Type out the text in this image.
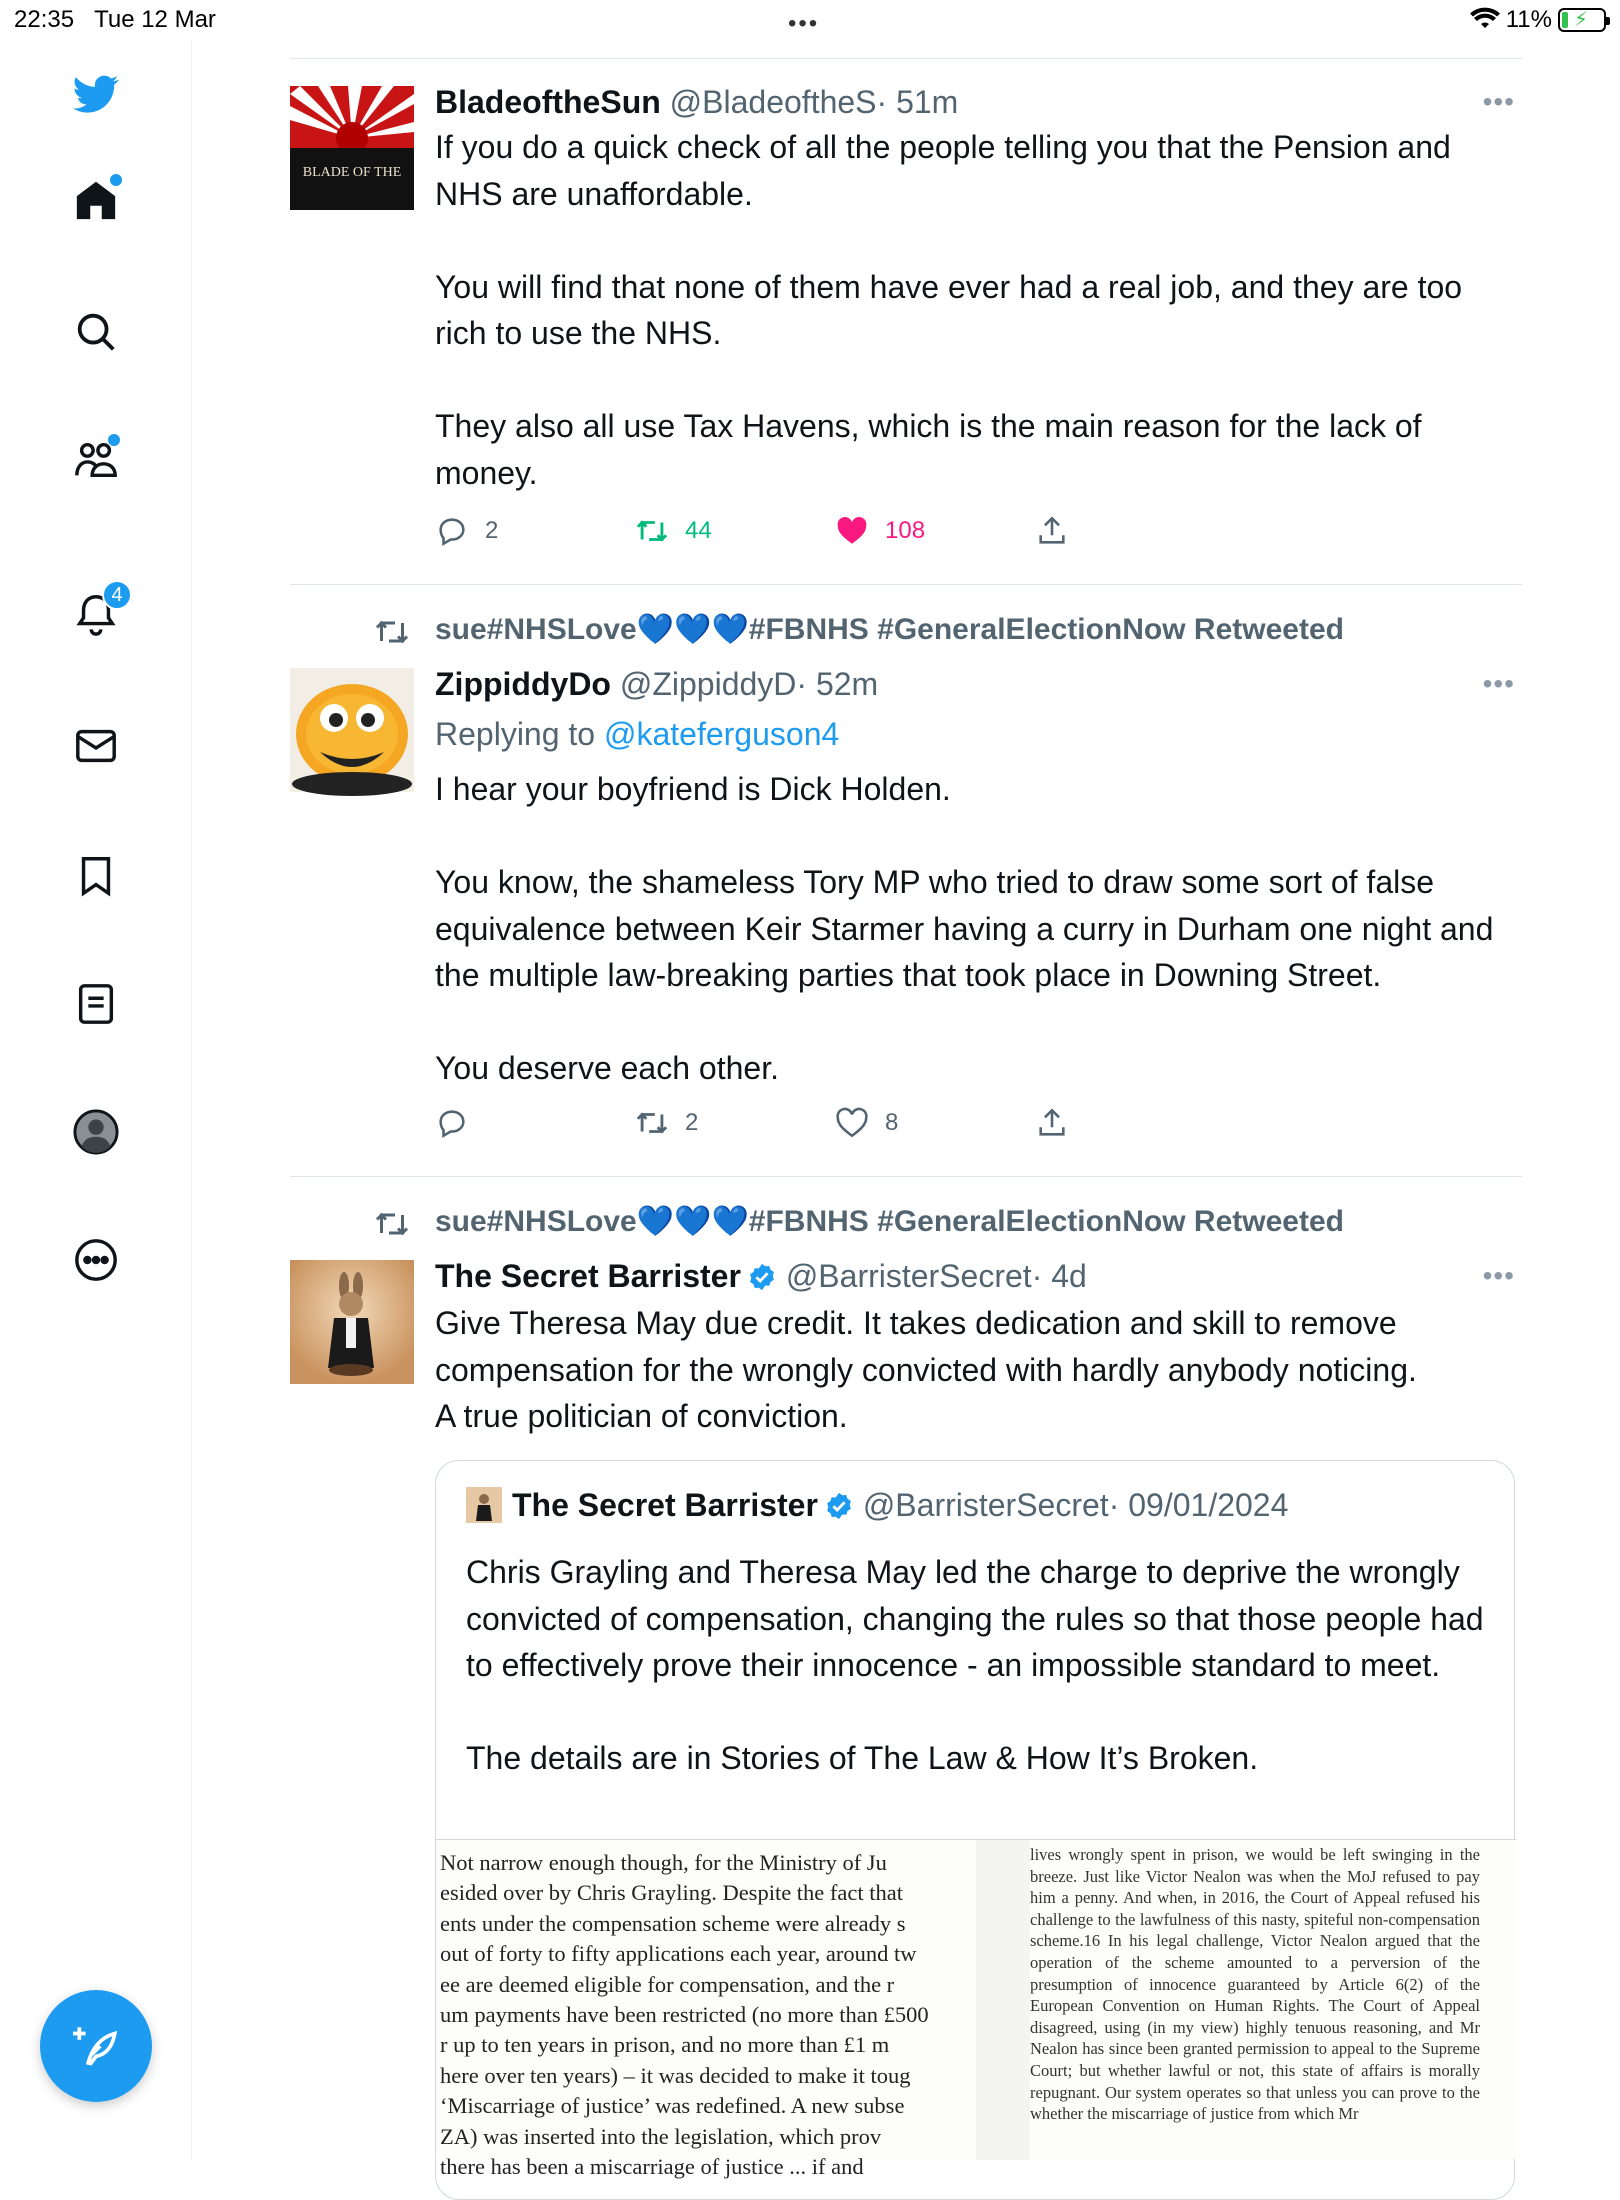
22:35 Tue 12 Mar	•••	11% ⚡
4
BLADE OF THE
BladeoftheSun @BladeoftheS· 51m	•••
If you do a quick check of all the people telling you that the Pension and NHS are unaffordable.

You will find that none of them have ever had a real job, and they are too rich to use the NHS.

They also all use Tax Havens, which is the main reason for the lack of money.
2	44	108
sue#NHSLove💙💙💙#FBNHS #GeneralElectionNow Retweeted
ZippiddyDo @ZippiddyD· 52m	•••
Replying to @kateferguson4
I hear your boyfriend is Dick Holden.

You know, the shameless Tory MP who tried to draw some sort of false equivalence between Keir Starmer having a curry in Durham one night and the multiple law-breaking parties that took place in Downing Street.

You deserve each other.
2	8
sue#NHSLove💙💙💙#FBNHS #GeneralElectionNow Retweeted
The Secret Barrister @BarristerSecret· 4d	•••
Give Theresa May due credit. It takes dedication and skill to remove compensation for the wrongly convicted with hardly anybody noticing.
A true politician of conviction.
The Secret Barrister @BarristerSecret· 09/01/2024
Chris Grayling and Theresa May led the charge to deprive the wrongly convicted of compensation, changing the rules so that those people had to effectively prove their innocence - an impossible standard to meet.

The details are in Stories of The Law & How It’s Broken.
Not narrow enough though, for the Ministry of Ju
esided over by Chris Grayling. Despite the fact that
ents under the compensation scheme were already s
out of forty to fifty applications each year, around tw
ee are deemed eligible for compensation, and the r
um payments have been restricted (no more than £500
r up to ten years in prison, and no more than £1 m
here over ten years) – it was decided to make it toug
‘Miscarriage of justice’ was redefined. A new subse
ZA) was inserted into the legislation, which prov
there has been a miscarriage of justice ... if and
lives wrongly spent in prison, we would be left swinging in the breeze. Just like Victor Nealon was when the MoJ refused to pay him a penny. And when, in 2016, the Court of Appeal refused his challenge to the lawfulness of this nasty, spiteful non-compensation scheme.16 In his legal challenge, Victor Nealon argued that the operation of the scheme amounted to a perversion of the presumption of innocence guaranteed by Article 6(2) of the European Convention on Human Rights. The Court of Appeal disagreed, using (in my view) highly tenuous reasoning, and Mr Nealon has since been granted permission to appeal to the Supreme Court; but whether lawful or not, this state of affairs is morally repugnant. Our system operates so that unless you can prove to the whether the miscarriage of justice from which Mr
